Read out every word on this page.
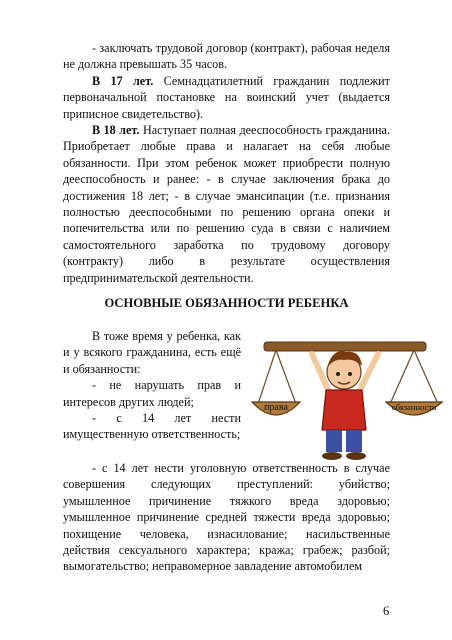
- заключать трудовой договор (контракт), рабочая неделя не должна превышать 35 часов.

В 17 лет. Семнадцатилетний гражданин подлежит первоначальной постановке на воинский учет (выдается приписное свидетельство).

В 18 лет. Наступает полная дееспособность гражданина. Приобретает любые права и налагает на себя любые обязанности. При этом ребенок может приобрести полную дееспособность и ранее: - в случае заключения брака до достижения 18 лет; - в случае эмансипации (т.е. признания полностью дееспособными по решению органа опеки и попечительства или по решению суда в связи с наличием самостоятельного заработка по трудовому договору (контракту) либо в результате осуществления предпринимательской деятельности.

ОСНОВНЫЕ ОБЯЗАННОСТИ РЕБЕНКА

В тоже время у ребенка, как и у всякого гражданина, есть ещё и обязанности:

- не нарушать прав и интересов других людей;

- с 14 лет нести имущественную ответственность;

права	обязанности

- с 14 лет нести уголовную ответственность в случае совершения следующих преступлений: убийство; умышленное причинение тяжкого вреда здоровью; умышленное причинение средней тяжести вреда здоровью; похищение человека, изнасилование; насильственные действия сексуального характера; кража; грабеж; разбой; вымогательство; неправомерное завладение автомобилем

6
